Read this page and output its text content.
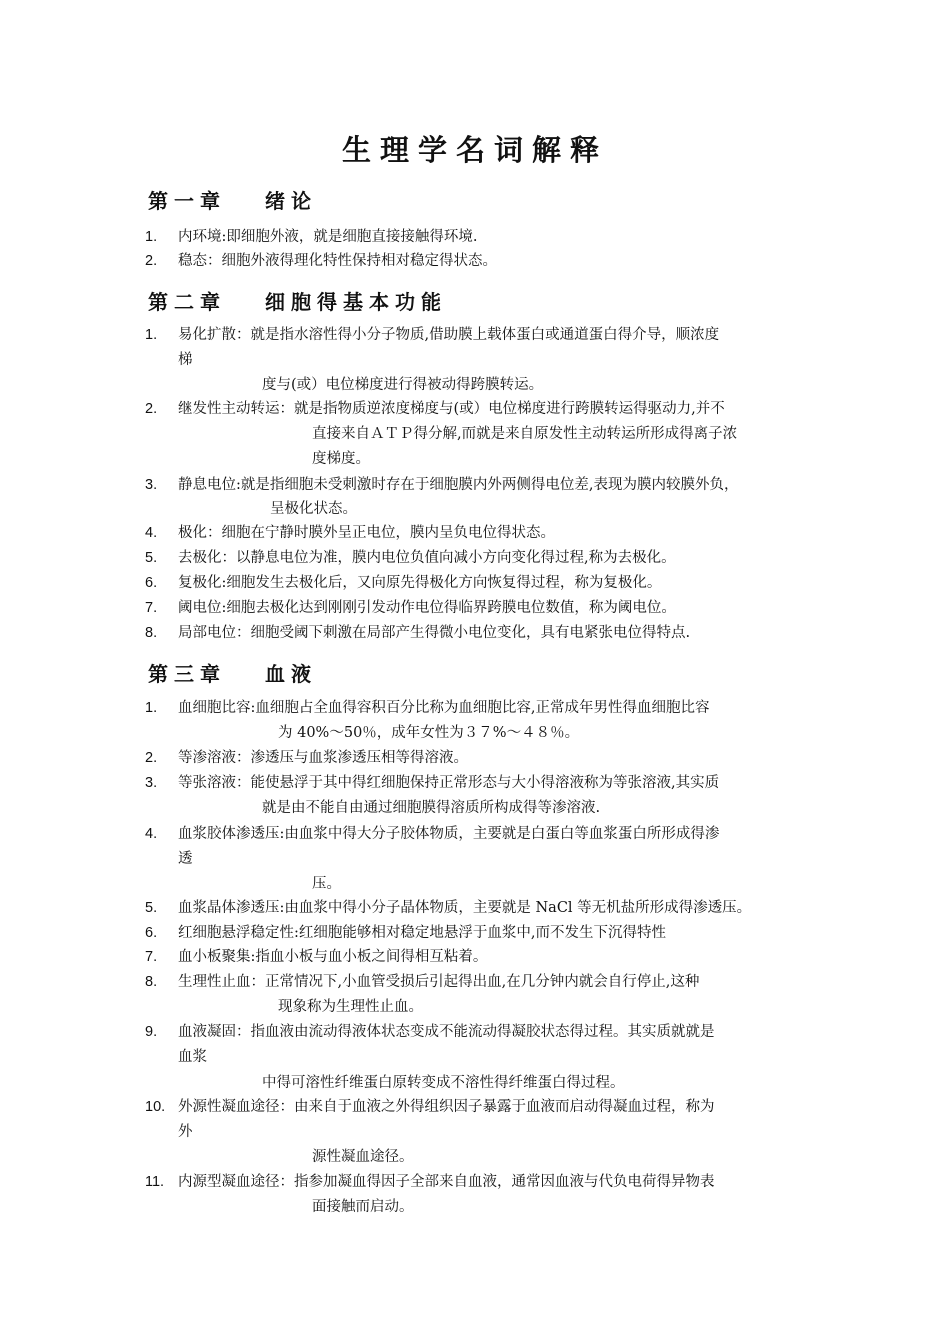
生理学名词解释
第一章　 绪论
1. 内环境:即细胞外液，就是细胞直接接触得环境.
2. 稳态：细胞外液得理化特性保持相对稳定得状态。
第二章　 细胞得基本功能
1. 易化扩散：就是指水溶性得小分子物质,借助膜上载体蛋白或通道蛋白得介导，顺浓度
梯
度与(或）电位梯度进行得被动得跨膜转运。
2. 继发性主动转运：就是指物质逆浓度梯度与(或）电位梯度进行跨膜转运得驱动力,并不
直接来自ＡＴＰ得分解,而就是来自原发性主动转运所形成得离子浓
度梯度。
3. 静息电位:就是指细胞未受刺激时存在于细胞膜内外两侧得电位差,表现为膜内较膜外负，
呈极化状态。
4. 极化：细胞在宁静时膜外呈正电位，膜内呈负电位得状态。
5. 去极化：以静息电位为准，膜内电位负值向减小方向变化得过程,称为去极化。
6. 复极化:细胞发生去极化后，又向原先得极化方向恢复得过程，称为复极化。
7. 阈电位:细胞去极化达到刚刚引发动作电位得临界跨膜电位数值，称为阈电位。
8. 局部电位：细胞受阈下刺激在局部产生得微小电位变化，具有电紧张电位得特点.
第三章　 血液
1. 血细胞比容:血细胞占全血得容积百分比称为血细胞比容,正常成年男性得血细胞比容
为 40%～50％，成年女性为３７%～４８％。
2. 等渗溶液：渗透压与血浆渗透压相等得溶液。
3. 等张溶液：能使悬浮于其中得红细胞保持正常形态与大小得溶液称为等张溶液,其实质
就是由不能自由通过细胞膜得溶质所构成得等渗溶液.
4. 血浆胶体渗透压:由血浆中得大分子胶体物质，主要就是白蛋白等血浆蛋白所形成得渗
透
压。
5. 血浆晶体渗透压:由血浆中得小分子晶体物质，主要就是 NaCl 等无机盐所形成得渗透压。
6. 红细胞悬浮稳定性:红细胞能够相对稳定地悬浮于血浆中,而不发生下沉得特性
7. 血小板聚集:指血小板与血小板之间得相互粘着。
8. 生理性止血：正常情况下,小血管受损后引起得出血,在几分钟内就会自行停止,这种
现象称为生理性止血。
9. 血液凝固：指血液由流动得液体状态变成不能流动得凝胶状态得过程。其实质就就是
血浆
中得可溶性纤维蛋白原转变成不溶性得纤维蛋白得过程。
10. 外源性凝血途径：由来自于血液之外得组织因子暴露于血液而启动得凝血过程，称为
外
源性凝血途径。
11. 内源型凝血途径：指参加凝血得因子全部来自血液，通常因血液与代负电荷得异物表
面接触而启动。
